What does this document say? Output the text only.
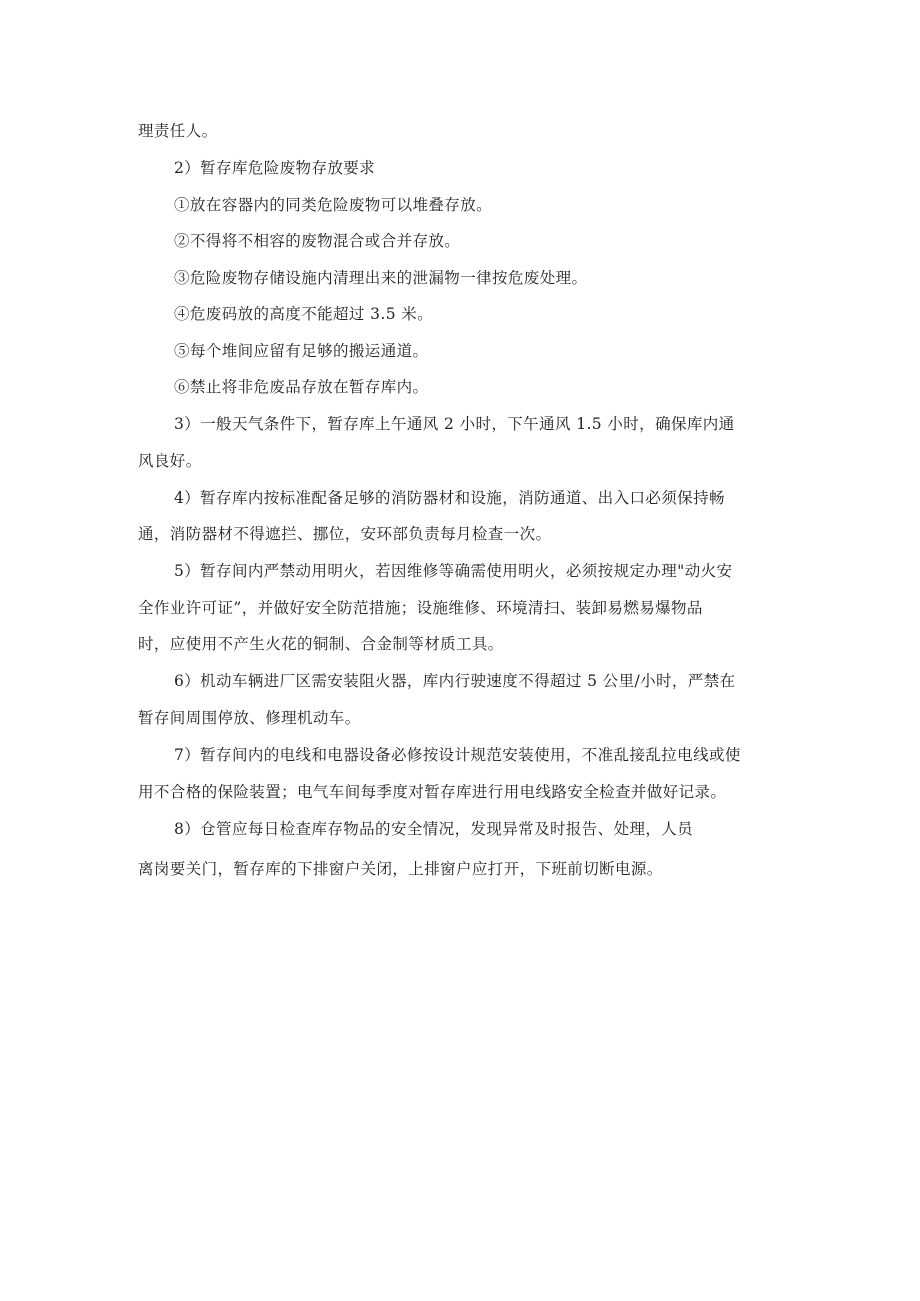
理责任人。
2）暂存库危险废物存放要求
①放在容器内的同类危险废物可以堆叠存放。
②不得将不相容的废物混合或合并存放。
③危险废物存储设施内清理出来的泄漏物一律按危废处理。
④危废码放的高度不能超过 3.5 米。
⑤每个堆间应留有足够的搬运通道。
⑥禁止将非危废品存放在暂存库内。
3）一般天气条件下，暂存库上午通风 2 小时，下午通风 1.5 小时，确保库内通
风良好。
4）暂存库内按标准配备足够的消防器材和设施，消防通道、出入口必须保持畅
通，消防器材不得遮拦、挪位，安环部负责每月检查一次。
5）暂存间内严禁动用明火，若因维修等确需使用明火，必须按规定办理"动火安
全作业许可证”，并做好安全防范措施；设施维修、环境清扫、装卸易燃易爆物品
时，应使用不产生火花的铜制、合金制等材质工具。
6）机动车辆进厂区需安装阻火器，库内行驶速度不得超过 5 公里/小时，严禁在
暂存间周围停放、修理机动车。
7）暂存间内的电线和电器设备必修按设计规范安装使用，不准乱接乱拉电线或使
用不合格的保险装置；电气车间每季度对暂存库进行用电线路安全检查并做好记录。
8）仓管应每日检查库存物品的安全情况，发现异常及时报告、处理，人员
离岗要关门，暂存库的下排窗户关闭，上排窗户应打开，下班前切断电源。
